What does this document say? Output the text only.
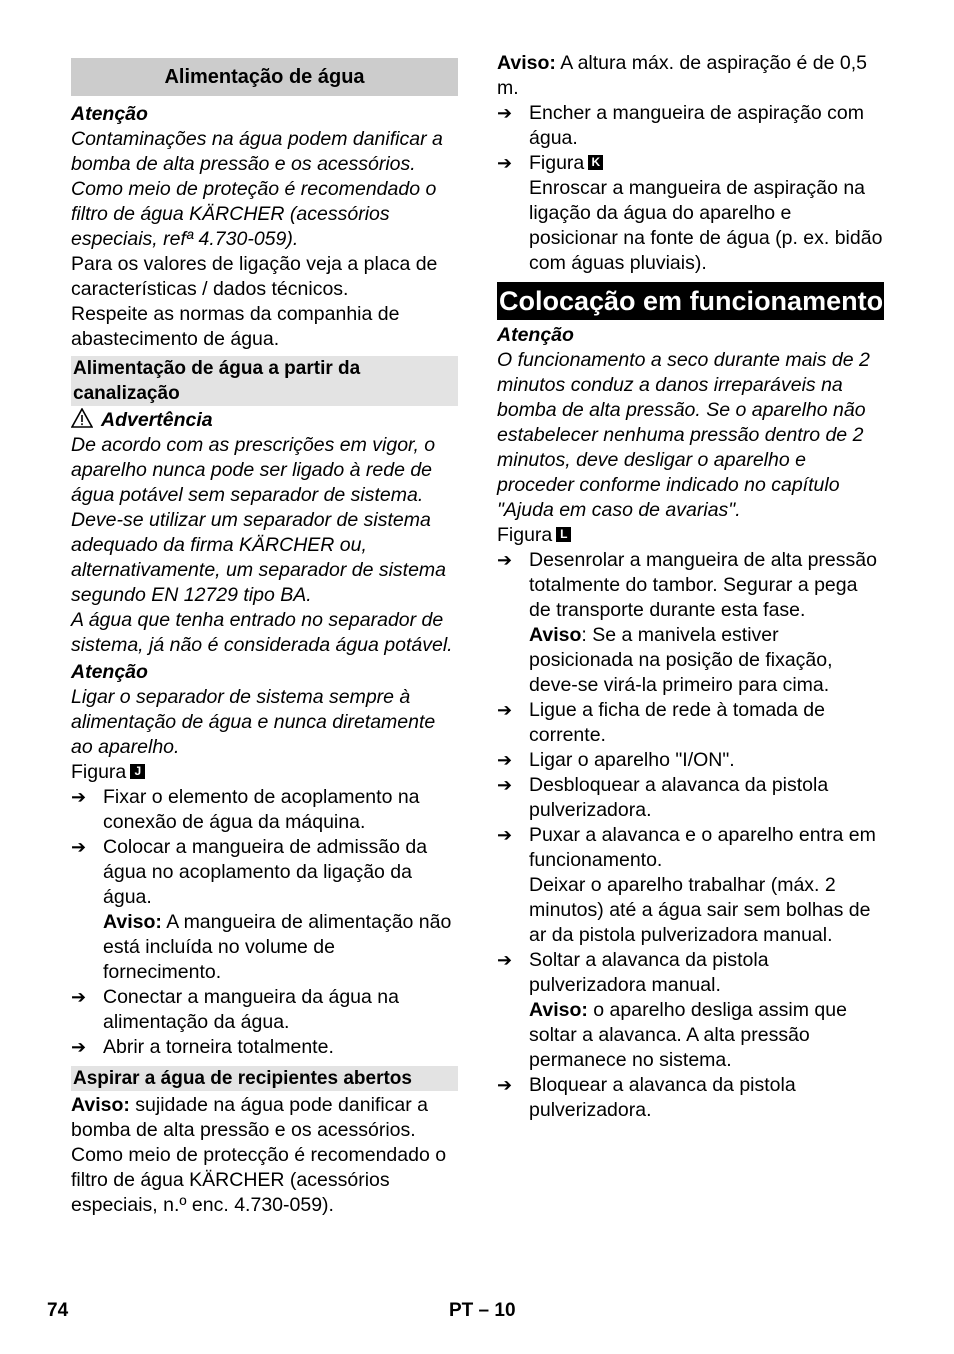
Alimentação de água

Atenção

Contaminações na água podem danificar a bomba de alta pressão e os acessórios. Como meio de proteção é recomendado o filtro de água KÄRCHER (acessórios especiais, refª 4.730-059).

Para os valores de ligação veja a placa de características / dados técnicos.

Respeite as normas da companhia de abastecimento de água.

Alimentação de água a partir da canalização

Advertência

De acordo com as prescrições em vigor, o aparelho nunca pode ser ligado à rede de água potável sem separador de sistema. Deve-se utilizar um separador de sistema adequado da firma KÄRCHER ou, alternativamente, um separador de sistema segundo EN 12729 tipo BA.

A água que tenha entrado no separador de sistema, já não é considerada água potável.

Atenção

Ligar o separador de sistema sempre à alimentação de água e nunca diretamente ao aparelho.

Figura J

➔ Fixar o elemento de acoplamento na conexão de água da máquina.
➔ Colocar a mangueira de admissão da água no acoplamento da ligação da água.

Aviso: A mangueira de alimentação não está incluída no volume de fornecimento.

➔ Conectar a mangueira da água na alimentação da água.
➔ Abrir a torneira totalmente.
Aspirar a água de recipientes abertos

Aviso: sujidade na água pode danificar a bomba de alta pressão e os acessórios.

Como meio de protecção é recomendado o filtro de água KÄRCHER (acessórios especiais, n.º enc. 4.730-059).

Aviso: A altura máx. de aspiração é de 0,5 m.

➔ Encher a mangueira de aspiração com água.
➔ Figura K

Enroscar a mangueira de aspiração na ligação da água do aparelho e posicionar na fonte de água (p. ex. bidão com águas pluviais).

Colocação em funcionamento

Atenção

O funcionamento a seco durante mais de 2 minutos conduz a danos irreparáveis na bomba de alta pressão. Se o aparelho não estabelecer nenhuma pressão dentro de 2 minutos, deve desligar o aparelho e proceder conforme indicado no capítulo "Ajuda em caso de avarias".

Figura L

➔ Desenrolar a mangueira de alta pressão totalmente do tambor. Segurar a pega de transporte durante esta fase.

Aviso: Se a manivela estiver posicionada na posição de fixação, deve-se virá-la primeiro para cima.

➔ Ligue a ficha de rede à tomada de corrente.
➔ Ligar o aparelho "I/ON".
➔ Desbloquear a alavanca da pistola pulverizadora.
➔ Puxar a alavanca e o aparelho entra em funcionamento.

Deixar o aparelho trabalhar (máx. 2 minutos) até a água sair sem bolhas de ar da pistola pulverizadora manual.

➔ Soltar a alavanca da pistola pulverizadora manual.

Aviso: o aparelho desliga assim que soltar a alavanca. A alta pressão permanece no sistema.

➔ Bloquear a alavanca da pistola pulverizadora.
74	PT – 10
